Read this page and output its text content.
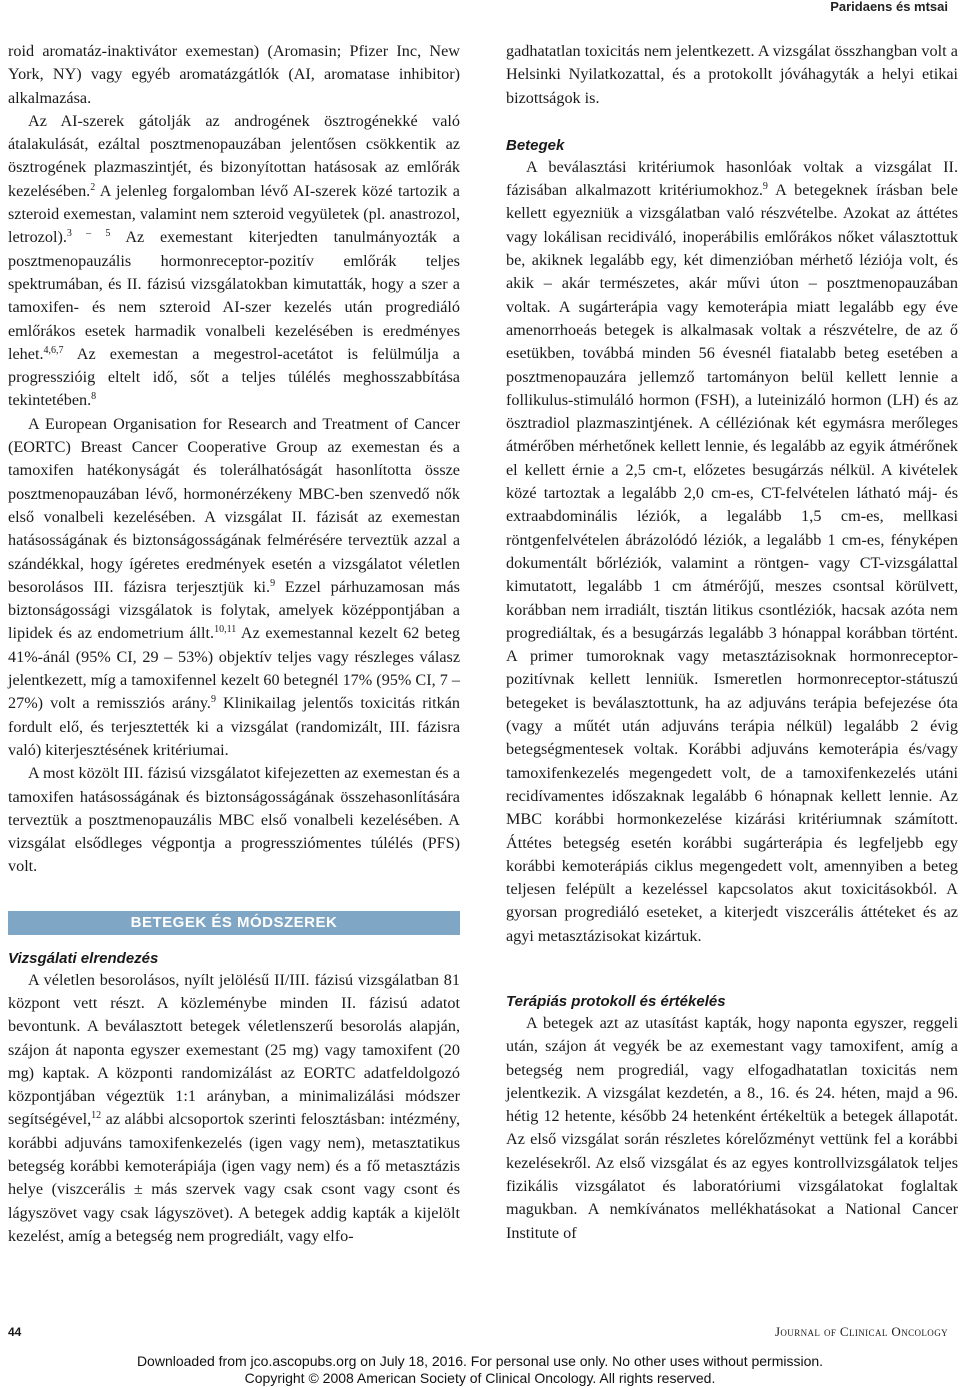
Paridaens és mtsai

roid aromatáz-inaktivátor exemestan) (Aromasin; Pfizer Inc, New York, NY) vagy egyéb aromatázgátlók (AI, aromatase inhibitor) alkalmazása.

Az AI-szerek gátolják az androgének ösztrogénekké való átalakulását, ezáltal posztmenopauzában jelentősen csökkentik az ösztrogének plazmaszintjét, és bizonyítottan hatásosak az emlőrák kezelésében.$^2$ A jelenleg forgalomban lévő AI-szerek közé tartozik a szteroid exemestan, valamint nem szteroid vegyületek (pl. anastrozol, letrozol).$^{3 - 5}$ Az exemestant kiterjedten tanulmányozták a posztmenopauzális hormonreceptor-pozitív emlőrák teljes spektrumában, és II. fázisú vizsgálatokban kimutatták, hogy a szer a tamoxifen- és nem szteroid AI-szer kezelés után progrediáló emlőrákos esetek harmadik vonalbeli kezelésében is eredményes lehet.$^{4,6,7}$ Az exemestan a megestrol-acetátot is felülmúlja a progresszióig eltelt idő, sőt a teljes túlélés meghosszabbítása tekintetében.$^8$

A European Organisation for Research and Treatment of Cancer (EORTC) Breast Cancer Cooperative Group az exemestan és a tamoxifen hatékonyságát és tolerálhatóságát hasonlította össze posztmenopauzában lévő, hormonérzékeny MBC-ben szenvedő nők első vonalbeli kezelésében. A vizsgálat II. fázisát az exemestan hatásosságának és biztonságosságának felmérésére terveztük azzal a szándékkal, hogy ígéretes eredmények esetén a vizsgálatot véletlen besorolásos III. fázisra terjesztjük ki.$^9$ Ezzel párhuzamosan más biztonságossági vizsgálatok is folytak, amelyek középpontjában a lipidek és az endometrium állt.$^{10,11}$ Az exemestannal kezelt 62 beteg 41%-ánál (95% CI, 29 – 53%) objektív teljes vagy részleges válasz jelentkezett, míg a tamoxifennel kezelt 60 betegnél 17% (95% CI, 7 – 27%) volt a remissziós arány.$^9$ Klinikailag jelentős toxicitás ritkán fordult elő, és terjesztették ki a vizsgálat (randomizált, III. fázisra való) kiterjesztésének kritériumai.

A most közölt III. fázisú vizsgálatot kifejezetten az exemestan és a tamoxifen hatásosságának és biztonságosságának összehasonlítására terveztük a posztmenopauzális MBC első vonalbeli kezelésében. A vizsgálat elsődleges végpontja a progressziómentes túlélés (PFS) volt.

BETEGEK ÉS MÓDSZEREK

Vizsgálati elrendezés

A véletlen besorolásos, nyílt jelölésű II/III. fázisú vizsgálatban 81 központ vett részt. A közleménybe minden II. fázisú adatot bevontunk. A beválasztott betegek véletlenszerű besorolás alapján, szájon át naponta egyszer exemestant (25 mg) vagy tamoxifent (20 mg) kaptak. A központi randomizálást az EORTC adatfeldolgozó központjában végeztük 1:1 arányban, a minimalizálási módszer segítségével,$^{12}$ az alábbi alcsoportok szerinti felosztásban: intézmény, korábbi adjuváns tamoxifenkezelés (igen vagy nem), metasztatikus betegség korábbi kemoterápiája (igen vagy nem) és a fő metasztázis helye (viszcerális ± más szervek vagy csak csont vagy csont és lágyszövet vagy csak lágyszövet). A betegek addig kapták a kijelölt kezelést, amíg a betegség nem progrediált, vagy elfo-

gadhatatlan toxicitás nem jelentkezett. A vizsgálat összhangban volt a Helsinki Nyilatkozattal, és a protokollt jóváhagyták a helyi etikai bizottságok is.

Betegek

A beválasztási kritériumok hasonlóak voltak a vizsgálat II. fázisában alkalmazott kritériumokhoz.$^9$ A betegeknek írásban bele kellett egyezniük a vizsgálatban való részvételbe. Azokat az áttétes vagy lokálisan recidiváló, inoperábilis emlőrákos nőket választottuk be, akiknek legalább egy, két dimenzióban mérhető léziója volt, és akik – akár természetes, akár művi úton – posztmenopauzában voltak. A sugárterápia vagy kemoterápia miatt legalább egy éve amenorrhoeás betegek is alkalmasak voltak a részvételre, de az ő esetükben, továbbá minden 56 évesnél fiatalabb beteg esetében a posztmenopauzára jellemző tartományon belül kellett lennie a follikulus-stimuláló hormon (FSH), a luteinizáló hormon (LH) és az ösztradiol plazmaszintjének. A célléziónak két egymásra merőleges átmérőben mérhetőnek kellett lennie, és legalább az egyik átmérőnek el kellett érnie a 2,5 cm-t, előzetes besugárzás nélkül. A kivételek közé tartoztak a legalább 2,0 cm-es, CT-felvételen látható máj- és extraabdominális léziók, a legalább 1,5 cm-es, mellkasi röntgenfelvételen ábrázolódó léziók, a legalább 1 cm-es, fényképen dokumentált bőrléziók, valamint a röntgen- vagy CT-vizsgálattal kimutatott, legalább 1 cm átmérőjű, meszes csontsal körülvett, korábban nem irradiált, tisztán litikus csontléziók, hacsak azóta nem progrediáltak, és a besugárzás legalább 3 hónappal korábban történt. A primer tumoroknak vagy metasztázisoknak hormonreceptor-pozitívnak kellett lenniük. Ismeretlen hormonreceptor-státuszú betegeket is beválasztottunk, ha az adjuváns terápia befejezése óta (vagy a műtét után adjuváns terápia nélkül) legalább 2 évig betegségmentesek voltak. Korábbi adjuváns kemoterápia és/vagy tamoxifenkezelés megengedett volt, de a tamoxifenkezelés utáni recidívamentes időszaknak legalább 6 hónapnak kellett lennie. Az MBC korábbi hormonkezelése kizárási kritériumnak számított. Áttétes betegség esetén korábbi sugárterápia és legfeljebb egy korábbi kemoterápiás ciklus megengedett volt, amennyiben a beteg teljesen felépült a kezeléssel kapcsolatos akut toxicitásokból. A gyorsan progrediáló eseteket, a kiterjedt viszcerális áttéteket és az agyi metasztázisokat kizártuk.

Terápiás protokoll és értékelés

A betegek azt az utasítást kapták, hogy naponta egyszer, reggeli után, szájon át vegyék be az exemestant vagy tamoxifent, amíg a betegség nem progrediál, vagy elfogadhatatlan toxicitás nem jelentkezik. A vizsgálat kezdetén, a 8., 16. és 24. héten, majd a 96. hétig 12 hetente, később 24 hetenként értékeltük a betegek állapotát. Az első vizsgálat során részletes kórelőzményt vettünk fel a korábbi kezelésekről. Az első vizsgálat és az egyes kontrollvizsgálatok teljes fizikális vizsgálatot és laboratóriumi vizsgálatokat foglaltak magukban. A nemkívánatos mellékhatásokat a National Cancer Institute of

44	Journal of Clinical Oncology
Downloaded from jco.ascopubs.org on July 18, 2016. For personal use only. No other uses without permission.
Copyright © 2008 American Society of Clinical Oncology. All rights reserved.
